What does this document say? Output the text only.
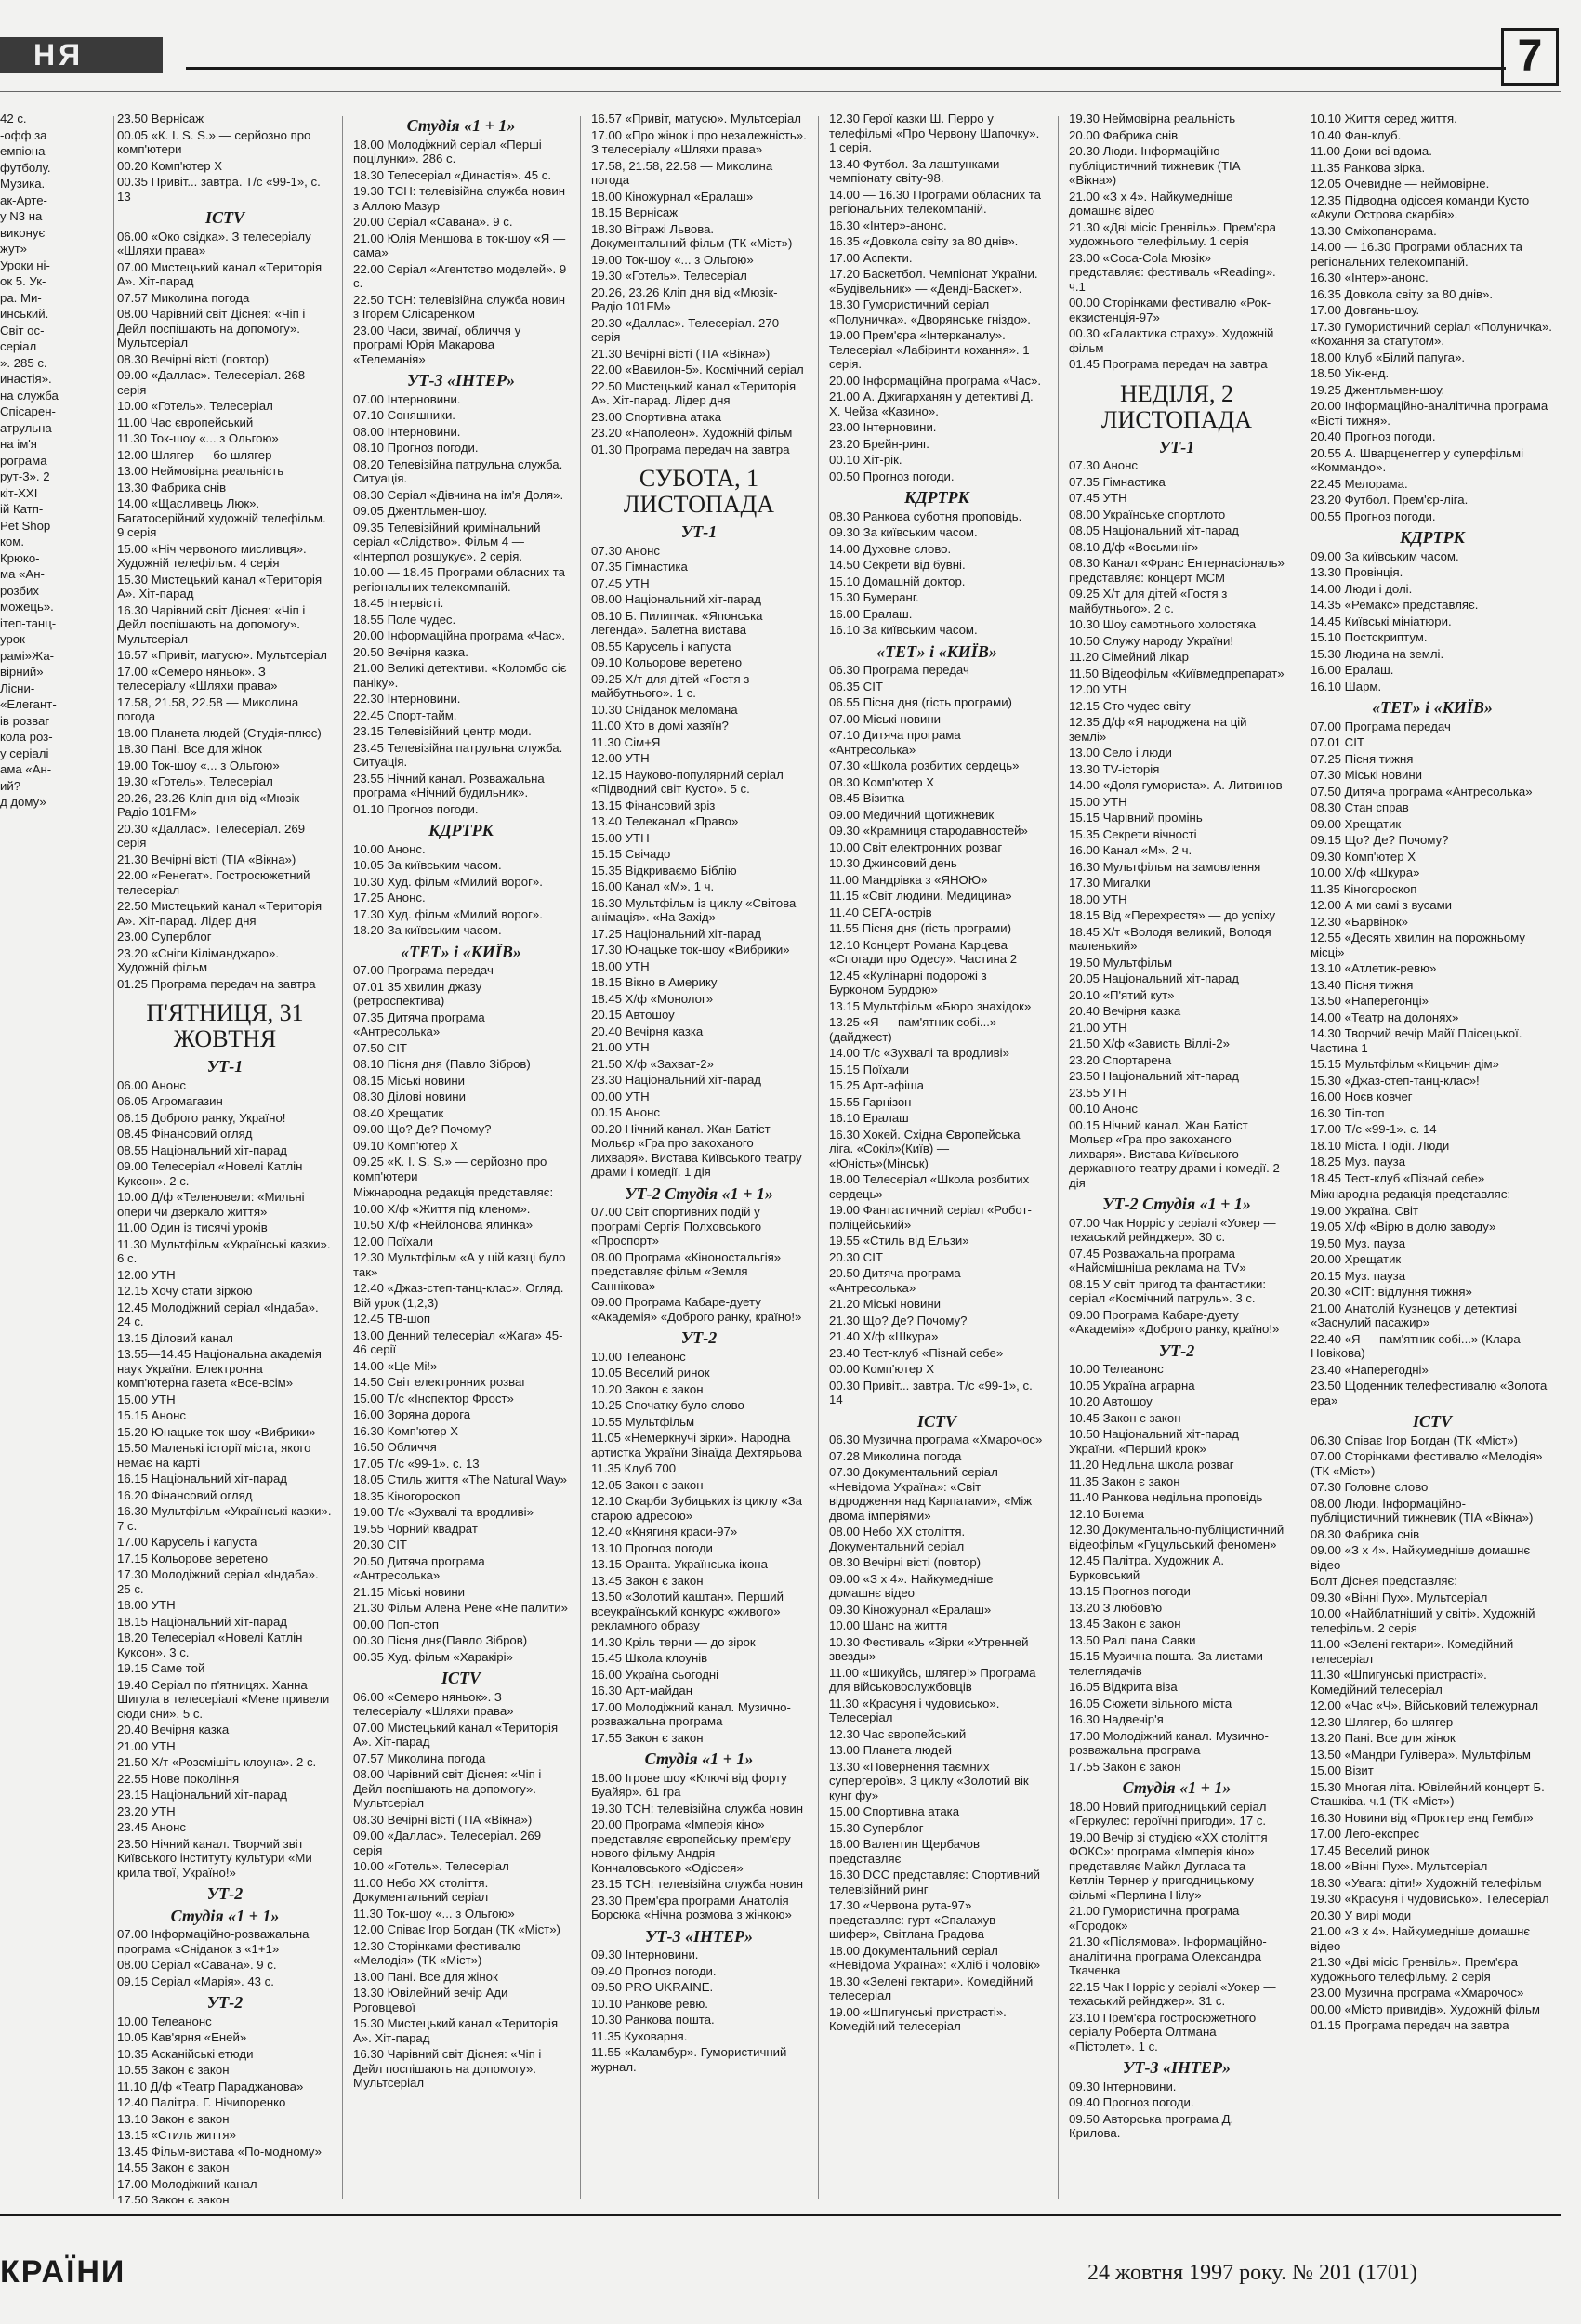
НЯ	7

42 с.

-офф за

емпіона-

футболу.

Музика.

ак-Арте-

y N3 на

виконує

жут»

Уроки ні-

ок 5. Ук-

ра. Ми-

инський.

Світ ос-

серіал

». 285 с.

инастія».

на служба

Спісарен-

атрульна

на ім'я

рограма

рут-3». 2

кіт-XXI

ій Катп-

Pet Shop

ком.

Крюко-

ма «Ан-

розбих

можець».

ітеп-танц-

урок

рамі»Жа-

вірний»

Лісни-

«Елегант-

ів розваг

кола роз-

у серіалі

ама «Ан-

ий?

д дому»

23.50 Вернісаж

00.05 «К. І. S. S.» — серйозно про комп'ютери

00.20 Комп'ютер Х

00.35 Привіт... завтра. Т/с «99-1», с. 13

ICTV

06.00 «Око свідка». З телесеріалу «Шляхи права»

07.00 Мистецький канал «Територія А». Хіт-парад

07.57 Миколина погода

08.00 Чарівний світ Діснея: «Чіп і Дейл поспішають на допомогу». Мультсеріал

08.30 Вечірні вісті (повтор)

09.00 «Даллас». Телесеріал. 268 серія

10.00 «Готель». Телесеріал

11.00 Час європейський

11.30 Ток-шоу «... з Ольгою»

12.00 Шлягер — бо шлягер

13.00 Неймовірна реальність

13.30 Фабрика снів

14.00 «Щасливець Люк». Багатосерійний художній телефільм. 9 серія

15.00 «Ніч червоного мисливця». Художній телефільм. 4 серія

15.30 Мистецький канал «Територія А». Хіт-парад

16.30 Чарівний світ Діснея: «Чіп і Дейл поспішають на допомогу». Мультсеріал

16.57 «Привіт, матусю». Мультсеріал

17.00 «Семеро няньок». З телесеріалу «Шляхи права»

17.58, 21.58, 22.58 — Миколина погода

18.00 Планета людей (Студія-плюс)

18.30 Пані. Все для жінок

19.00 Ток-шоу «... з Ольгою»

19.30 «Готель». Телесеріал

20.26, 23.26 Кліп дня від «Мюзік-Радіо 101FM»

20.30 «Даллас». Телесеріал. 269 серія

21.30 Вечірні вісті (ТІА «Вікна»)

22.00 «Ренегат». Гостросюжетний телесеріал

22.50 Мистецький канал «Територія А». Хіт-парад. Лідер дня

23.00 Суперблог

23.20 «Сніги Кіліманджаро». Художній фільм

01.25 Програма передач на завтра

П'ЯТНИЦЯ, 31 ЖОВТНЯ
УТ-1

06.00 Анонс

06.05 Агромагазин

06.15 Доброго ранку, Україно!

08.45 Фінансовий огляд

08.55 Національний хіт-парад

09.00 Телесеріал «Новелі Катлін Куксон». 2 с.

10.00 Д/ф «Теленовели: «Мильні опери чи дзеркало життя»

11.00 Один із тисячі уроків

11.30 Мультфільм «Українські казки». 6 с.

12.00 УТН

12.15 Хочу стати зіркою

12.45 Молодіжний серіал «Індаба». 24 с.

13.15 Діловий канал

13.55—14.45 Національна академія наук України. Електронна комп'ютерна газета «Все-всім»

15.00 УТН

15.15 Анонс

15.20 Юнацьке ток-шоу «Вибрики»

15.50 Маленькі історії міста, якого немає на карті

16.15 Національний хіт-парад

16.20 Фінансовий огляд

16.30 Мультфільм «Українські казки». 7 с.

17.00 Карусель і капуста

17.15 Кольорове веретено

17.30 Молодіжний серіал «Індаба». 25 с.

18.00 УТН

18.15 Національний хіт-парад

18.20 Телесеріал «Новелі Катлін Куксон». 3 с.

19.15 Саме той

19.40 Серіал по п'ятницях. Ханна Шигула в телесеріалі «Мене привели сюди сни». 5 с.

20.40 Вечірня казка

21.00 УТН

21.50 Х/т «Розсмішіть клоуна». 2 с.

22.55 Нове покоління

23.15 Національний хіт-парад

23.20 УТН

23.45 Анонс

23.50 Нічний канал. Творчий звіт Київського інституту культури «Ми крила твої, Україно!»

УТ-2
Студія «1 + 1»

07.00 Інформаційно-розважальна програма «Сніданок з «1+1»

08.00 Серіал «Савана». 9 с.

09.15 Серіал «Марія». 43 с.

УТ-2

10.00 Телеанонс

10.05 Кав'ярня «Еней»

10.35 Асканійські етюди

10.55 Закон є закон

11.10 Д/ф «Театр Параджанова»

12.40 Палітра. Г. Нічипоренко

13.10 Закон є закон

13.15 «Стиль життя»

13.45 Фільм-вистава «По-модному»

14.55 Закон є закон

17.00 Молодіжний канал

17.50 Закон є закон

Студія «1 + 1»

18.00 Молодіжний серіал «Перші поцілунки». 286 с.

18.30 Телесеріал «Династія». 45 с.

19.30 ТСН: телевізійна служба новин з Аллою Мазур

20.00 Серіал «Савана». 9 с.

21.00 Юлія Меншова в ток-шоу «Я — сама»

22.00 Серіал «Агентство моделей». 9 с.

22.50 ТСН: телевізійна служба новин з Ігорем Слісаренком

23.00 Часи, звичаї, обличчя у програмі Юрія Макарова «Телеманія»

УТ-3 «ІНТЕР»

07.00 Інтерновини.

07.10 Соняшники.

08.00 Інтерновини.

08.10 Прогноз погоди.

08.20 Телевізійна патрульна служба. Ситуація.

08.30 Серіал «Дівчина на ім'я Доля».

09.05 Джентльмен-шоу.

09.35 Телевізійний кримінальний серіал «Слідство». Фільм 4 — «Інтерпол розшукує». 2 серія.

10.00 — 18.45 Програми обласних та регіональних телекомпаній.

18.45 Інтервісті.

18.55 Поле чудес.

20.00 Інформаційна програма «Час».

20.50 Вечірня казка.

21.00 Великі детективи. «Коломбо сіє паніку».

22.30 Інтерновини.

22.45 Спорт-тайм.

23.15 Телевізійний центр моди.

23.45 Телевізійна патрульна служба. Ситуація.

23.55 Нічний канал. Розважальна програма «Нічний будильник».

01.10 Прогноз погоди.

КДРТРК

10.00 Анонс.

10.05 За київським часом.

10.30 Худ. фільм «Милий ворог».

17.25 Анонс.

17.30 Худ. фільм «Милий ворог».

18.20 За київським часом.

«ТЕТ» і «КИЇВ»

07.00 Програма передач

07.01 35 хвилин джазу (ретроспектива)

07.35 Дитяча програма «Антресолька»

07.50 СІТ

08.10 Пісня дня (Павло Зібров)

08.15 Міські новини

08.30 Ділові новини

08.40 Хрещатик

09.00 Що? Де? Почому?

09.10 Комп'ютер Х

09.25 «К. І. S. S.» — серйозно про комп'ютери

Міжнародна редакція представляє:

10.00 Х/ф «Життя під кленом».

10.50 Х/ф «Нейлонова ялинка»

12.00 Поїхали

12.30 Мультфільм «А у цій казці було так»

12.40 «Джаз-степ-танц-клас». Огляд. Вій урок (1,2,3)

12.45 ТВ-шоп

13.00 Денний телесеріал «Жага» 45-46 серії

14.00 «Це-Мі!»

14.50 Світ електронних розваг

15.00 Т/с «Інспектор Фрост»

16.00 Зоряна дорога

16.30 Комп'ютер Х

16.50 Обличчя

17.05 Т/с «99-1». с. 13

18.05 Стиль життя «The Natural Way»

18.35 Кіногороскоп

19.00 Т/с «Зухвалі та вродливі»

19.55 Чорний квадрат

20.30 СІТ

20.50 Дитяча програма «Антресолька»

21.15 Міські новини

21.30 Фільм Алена Рене «Не палити»

00.00 Поп-стоп

00.30 Пісня дня(Павло Зібров)

00.35 Худ. фільм «Харакірі»

ICTV

06.00 «Семеро няньок». З телесеріалу «Шляхи права»

07.00 Мистецький канал «Територія А». Хіт-парад

07.57 Миколина погода

08.00 Чарівний світ Діснея: «Чіп і Дейл поспішають на допомогу». Мультсеріал

08.30 Вечірні вісті (ТІА «Вікна»)

09.00 «Даллас». Телесеріал. 269 серія

10.00 «Готель». Телесеріал

11.00 Небо XX століття. Документальний серіал

11.30 Ток-шоу «... з Ольгою»

12.00 Співає Ігор Богдан (ТК «Міст»)

12.30 Сторінками фестивалю «Мелодія» (ТК «Міст»)

13.00 Пані. Все для жінок

13.30 Ювілейний вечір Ади Роговцевої

15.30 Мистецький канал «Територія А». Хіт-парад

16.30 Чарівний світ Діснея: «Чіп і Дейл поспішають на допомогу». Мультсеріал

16.57 «Привіт, матусю». Мультсеріал

17.00 «Про жінок і про незалежність». З телесеріалу «Шляхи права»

17.58, 21.58, 22.58 — Миколина погода

18.00 Кіножурнал «Ералаш»

18.15 Вернісаж

18.30 Вітражі Львова. Документальний фільм (ТК «Міст»)

19.00 Ток-шоу «... з Ольгою»

19.30 «Готель». Телесеріал

20.26, 23.26 Кліп дня від «Мюзік-Радіо 101FM»

20.30 «Даллас». Телесеріал. 270 серія

21.30 Вечірні вісті (ТІА «Вікна»)

22.00 «Вавилон-5». Космічний серіал

22.50 Мистецький канал «Територія А». Хіт-парад. Лідер дня

23.00 Спортивна атака

23.20 «Наполеон». Художній фільм

01.30 Програма передач на завтра

СУБОТА, 1 ЛИСТОПАДА
УТ-1

07.30 Анонс

07.35 Гімнастика

07.45 УТН

08.00 Національний хіт-парад

08.10 Б. Пилипчак. «Японська легенда». Балетна вистава

08.55 Карусель і капуста

09.10 Кольорове веретено

09.25 Х/т для дітей «Гостя з майбутнього». 1 с.

10.30 Сніданок меломана

11.00 Хто в домі хазяїн?

11.30 Сім+Я

12.00 УТН

12.15 Науково-популярний серіал «Підводний світ Кусто». 5 с.

13.15 Фінансовий зріз

13.40 Телеканал «Право»

15.00 УТН

15.15 Свічадо

15.35 Відкриваємо Біблію

16.00 Канал «М». 1 ч.

16.30 Мультфільм із циклу «Світова анімація». «На Захід»

17.25 Національний хіт-парад

17.30 Юнацьке ток-шоу «Вибрики»

18.00 УТН

18.15 Вікно в Америку

18.45 Х/ф «Монолог»

20.15 Автошоу

20.40 Вечірня казка

21.00 УТН

21.50 Х/ф «Захват-2»

23.30 Національний хіт-парад

00.00 УТН

00.15 Анонс

00.20 Нічний канал. Жан Батіст Мольєр «Гра про закоханого лихваря». Вистава Київського театру драми і комедії. 1 дія

УТ-2 Студія «1 + 1»

07.00 Світ спортивних подій у програмі Сергія Полховського «Проспорт»

08.00 Програма «Кіноностальгія» представляє фільм «Земля Саннікова»

09.00 Програма Кабаре-дуету «Академія» «Доброго ранку, країно!»

УТ-2

10.00 Телеанонс

10.05 Веселий ринок

10.20 Закон є закон

10.25 Спочатку було слово

10.55 Мультфільм

11.05 «Немеркнучі зірки». Народна артистка України Зінаїда Дехтярьова

11.35 Клуб 700

12.05 Закон є закон

12.10 Скарби Зубицьких із циклу «За старою адресою»

12.40 «Княгиня краси-97»

13.10 Прогноз погоди

13.15 Оранта. Українська ікона

13.45 Закон є закон

13.50 «Золотий каштан». Перший всеукраїнський конкурс «живого» рекламного образу

14.30 Кріль терни — до зірок

15.45 Школа клоунів

16.00 Україна сьогодні

16.30 Арт-майдан

17.00 Молодіжний канал. Музично-розважальна програма

17.55 Закон є закон

Студія «1 + 1»

18.00 Ігрове шоу «Ключі від форту Буайяр». 61 гра

19.30 ТСН: телевізійна служба новин

20.00 Програма «Імперія кіно» представляє європейську прем'єру нового фільму Андрія Кончаловського «Одіссея»

23.15 ТСН: телевізійна служба новин

23.30 Прем'єра програми Анатолія Борсюка «Нічна розмова з жінкою»

УТ-3 «ІНТЕР»

09.30 Інтерновини.

09.40 Прогноз погоди.

09.50 PRO UKRAINE.

10.10 Ранкове ревю.

10.30 Ранкова пошта.

11.35 Куховарня.

11.55 «Каламбур». Гумористичний журнал.

12.30 Герої казки Ш. Перро у телефільмі «Про Червону Шапочку». 1 серія.

13.40 Футбол. За лаштунками чемпіонату світу-98.

14.00 — 16.30 Програми обласних та регіональних телекомпаній.

16.30 «Інтер»-анонс.

16.35 «Довкола світу за 80 днів».

17.00 Аспекти.

17.20 Баскетбол. Чемпіонат України. «Будівельник» — «Денді-Баскет».

18.30 Гумористичний серіал «Полуничка». «Дворянське гніздо».

19.00 Прем'єра «Інтерканалу». Телесеріал «Лабіринти кохання». 1 серія.

20.00 Інформаційна програма «Час».

21.00 А. Джигарханян у детективі Д. Х. Чейза «Казино».

23.00 Інтерновини.

23.20 Брейн-ринг.

00.10 Хіт-рік.

00.50 Прогноз погоди.

КДРТРК

08.30 Ранкова суботня проповідь.

09.30 За київським часом.

14.00 Духовне слово.

14.50 Секрети від бувні.

15.10 Домашній доктор.

15.30 Бумеранг.

16.00 Ералаш.

16.10 За київським часом.

«ТЕТ» і «КИЇВ»

06.30 Програма передач

06.35 СІТ

06.55 Пісня дня (гість програми)

07.00 Міські новини

07.10 Дитяча програма «Антресолька»

07.30 «Школа розбитих сердець»

08.30 Комп'ютер Х

08.45 Візитка

09.00 Медичний щотижневик

09.30 «Крамниця стародавностей»

10.00 Світ електронних розваг

10.30 Джинсовий день

11.00 Мандрівка з «ЯНОЮ»

11.15 «Світ людини. Медицина»

11.40 СЕГА-острів

11.55 Пісня дня (гість програми)

12.10 Концерт Романа Карцева «Спогади про Одесу». Частина 2

12.45 «Кулінарні подорожі з Бурконом Бурдою»

13.15 Мультфільм «Бюро знахідок»

13.25 «Я — пам'ятник собі...» (дайджест)

14.00 Т/с «Зухвалі та вродливі»

15.15 Поїхали

15.25 Арт-афіша

15.55 Гарнізон

16.10 Ералаш

16.30 Хокей. Східна Європейська ліга. «Сокіл»(Київ) — «Юність»(Мінськ)

18.00 Телесеріал «Школа розбитих сердець»

19.00 Фантастичний серіал «Робот-поліцейський»

19.55 «Стиль від Ельзи»

20.30 СІТ

20.50 Дитяча програма «Антресолька»

21.20 Міські новини

21.30 Що? Де? Почому?

21.40 Х/ф «Шкура»

23.40 Тест-клуб «Пізнай себе»

00.00 Комп'ютер Х

00.30 Привіт... завтра. Т/с «99-1», с. 14

ICTV

06.30 Музична програма «Хмарочос»

07.28 Миколина погода

07.30 Документальний серіал «Невідома Україна»: «Світ відродження над Карпатами», «Між двома імперіями»

08.00 Небо XX століття. Документальний серіал

08.30 Вечірні вісті (повтор)

09.00 «З х 4». Найкумедніше домашнє відео

09.30 Кіножурнал «Ералаш»

10.00 Шанс на життя

10.30 Фестиваль «Зірки «Утренней звезды»

11.00 «Шикуйсь, шлягер!» Програма для військовослужбовців

11.30 «Красуня і чудовисько». Телесеріал

12.30 Час європейський

13.00 Планета людей

13.30 «Повернення таємних супергероїв». З циклу «Золотий вік кунг фу»

15.00 Спортивна атака

15.30 Суперблог

16.00 Валентин Щербачов представляє

16.30 DCC представляє: Спортивний телевізійний ринг

17.30 «Червона рута-97» представляє: гурт «Спалахув шифер», Світлана Градова

18.00 Документальний серіал «Невідома Україна»: «Хліб і чоловік»

18.30 «Зелені гектари». Комедійний телесеріал

19.00 «Шпигунські пристрасті». Комедійний телесеріал

19.30 Неймовірна реальність

20.00 Фабрика снів

20.30 Люди. Інформаційно-публіцистичний тижневик (ТІА «Вікна»)

21.00 «З х 4». Найкумедніше домашнє відео

21.30 «Дві місіс Гренвіль». Прем'єра художнього телефільму. 1 серія

23.00 «Соса-Cola Мюзік» представляє: фестиваль «Reading». ч.1

00.00 Сторінками фестивалю «Рок-екзистенція-97»

00.30 «Галактика страху». Художній фільм

01.45 Програма передач на завтра

НЕДІЛЯ, 2 ЛИСТОПАДА
УТ-1

07.30 Анонс

07.35 Гімнастика

07.45 УТН

08.00 Українське спортлото

08.05 Національний хіт-парад

08.10 Д/ф «Восьминіг»

08.30 Канал «Франс Ентернасіональ» представляє: концерт МСМ

09.25 Х/т для дітей «Гостя з майбутнього». 2 с.

10.30 Шоу самотнього холостяка

10.50 Служу народу України!

11.20 Сімейний лікар

11.50 Відеофільм «Київмедпрепарат»

12.00 УТН

12.15 Сто чудес світу

12.35 Д/ф «Я народжена на цій землі»

13.00 Село і люди

13.30 ТV-історія

14.00 «Доля гумориста». А. Литвинов

15.00 УТН

15.15 Чарівний промінь

15.35 Секрети вічності

16.00 Канал «М». 2 ч.

16.30 Мультфільм на замовлення

17.30 Мигалки

18.00 УТН

18.15 Від «Перехрестя» — до успіху

18.45 Х/т «Володя великий, Володя маленький»

19.50 Мультфільм

20.05 Національний хіт-парад

20.10 «П'ятий кут»

20.40 Вечірня казка

21.00 УТН

21.50 Х/ф «Зависть Віллі-2»

23.20 Спортарена

23.50 Національний хіт-парад

23.55 УТН

00.10 Анонс

00.15 Нічний канал. Жан Батіст Мольєр «Гра про закоханого лихваря». Вистава Київського державного театру драми і комедії. 2 дія

УТ-2 Студія «1 + 1»

07.00 Чак Норріс у серіалі «Уокер — техаський рейнджер». 30 с.

07.45 Розважальна програма «Найсмішніша реклама на TV»

08.15 У світ пригод та фантастики: серіал «Космічний патруль». 3 с.

09.00 Програма Кабаре-дуету «Академія» «Доброго ранку, країно!»

УТ-2

10.00 Телеанонс

10.05 Україна аграрна

10.20 Автошоу

10.45 Закон є закон

10.50 Національний хіт-парад України. «Перший крок»

11.20 Недільна школа розваг

11.35 Закон є закон

11.40 Ранкова недільна проповідь

12.10 Богема

12.30 Документально-публіцистичний відеофільм «Гуцульський феномен»

12.45 Палітра. Художник А. Бурковський

13.15 Прогноз погоди

13.20 З любов'ю

13.45 Закон є закон

13.50 Ралі пана Савки

15.15 Музична пошта. За листами телеглядачів

16.05 Відкрита віза

16.05 Сюжети вільного міста

16.30 Надвечір'я

17.00 Молодіжний канал. Музично-розважальна програма

17.55 Закон є закон

Студія «1 + 1»

18.00 Новий пригодницький серіал «Геркулес: героїчні пригоди». 17 с.

19.00 Вечір зі студією «XX століття ФОКС»: програма «Імперія кіно» представляє Майкл Дугласа та Кетлін Тернер у пригодницькому фільмі «Перлина Нілу»

21.00 Гумористична програма «Городок»

21.30 «Післямова». Інформаційно-аналітична програма Олександра Ткаченка

22.15 Чак Норріс у серіалі «Уокер — техаський рейнджер». 31 с.

23.10 Прем'єра гостросюжетного серіалу Роберта Олтмана «Пістолет». 1 с.

УТ-3 «ІНТЕР»

09.30 Інтерновини.

09.40 Прогноз погоди.

09.50 Авторська програма Д. Крилова.

10.10 Життя серед життя.

10.40 Фан-клуб.

11.00 Доки всі вдома.

11.35 Ранкова зірка.

12.05 Очевидне — неймовірне.

12.35 Підводна одіссея команди Кусто «Акули Острова скарбів».

13.30 Сміхопанорама.

14.00 — 16.30 Програми обласних та регіональних телекомпаній.

16.30 «Інтер»-анонс.

16.35 Довкола світу за 80 днів».

17.00 Довгань-шоу.

17.30 Гумористичний серіал «Полуничка». «Кохання за статутом».

18.00 Клуб «Білий папуга».

18.50 Уік-енд.

19.25 Джентльмен-шоу.

20.00 Інформаційно-аналітична програма «Вісті тижня».

20.40 Прогноз погоди.

20.55 А. Шварценеггер у суперфільмі «Коммандо».

22.45 Мелорама.

23.20 Футбол. Прем'єр-ліга.

00.55 Прогноз погоди.

КДРТРК

09.00 За київським часом.

13.30 Провінція.

14.00 Люди і долі.

14.35 «Ремакс» представляє.

14.45 Київські мініатюри.

15.10 Постскриптум.

15.30 Людина на землі.

16.00 Ералаш.

16.10 Шарм.

«ТЕТ» і «КИЇВ»

07.00 Програма передач

07.01 СІТ

07.25 Пісня тижня

07.30 Міські новини

07.50 Дитяча програма «Антресолька»

08.30 Стан справ

09.00 Хрещатик

09.15 Що? Де? Почому?

09.30 Комп'ютер Х

10.00 Х/ф «Шкура»

11.35 Кіногороскоп

12.00 А ми самі з вусами

12.30 «Барвінок»

12.55 «Десять хвилин на порожньому місці»

13.10 «Атлетик-ревю»

13.40 Пісня тижня

13.50 «Наперегонці»

14.00 «Театр на долонях»

14.30 Творчий вечір Майї Плісецької. Частина 1

15.15 Мультфільм «Кицьчин дім»

15.30 «Джаз-степ-танц-клас»!

16.00 Ноєв ковчег

16.30 Тіп-топ

17.00 Т/с «99-1». с. 14

18.10 Міста. Події. Люди

18.25 Муз. пауза

18.45 Тест-клуб «Пізнай себе»

Міжнародна редакція представляє:

19.00 Україна. Світ

19.05 Х/ф «Вірю в долю заводу»

19.50 Муз. пауза

20.00 Хрещатик

20.15 Муз. пауза

20.30 «СІТ: відлуння тижня»

21.00 Анатолій Кузнецов у детективі «Заснулий пасажир»

22.40 «Я — пам'ятник собі...» (Клара Новікова)

23.40 «Наперегодні»

23.50 Щоденник телефестивалю «Золота ера»

ICTV

06.30 Співає Ігор Богдан (ТК «Міст»)

07.00 Сторінками фестивалю «Мелодія» (ТК «Міст»)

07.30 Головне слово

08.00 Люди. Інформаційно-публіцистичний тижневик (ТІА «Вікна»)

08.30 Фабрика снів

09.00 «З х 4». Найкумедніше домашнє відео

Болт Діснея представляє:

09.30 «Вінні Пух». Мультсеріал

10.00 «Найблатніший у світі». Художній телефільм. 2 серія

11.00 «Зелені гектари». Комедійний телесеріал

11.30 «Шпигунські пристрасті». Комедійний телесеріал

12.00 «Час «Ч». Військовий тележурнал

12.30 Шлягер, бо шлягер

13.20 Пані. Все для жінок

13.50 «Мандри Гулівера». Мультфільм

15.00 Візит

15.30 Многая літа. Ювілейний концерт Б. Сташківа. ч.1 (ТК «Міст»)

16.30 Новини від «Проктер енд Гембл»

17.00 Лего-експрес

17.45 Веселий ринок

18.00 «Вінні Пух». Мультсеріал

18.30 «Увага: діти!» Художній телефільм

19.30 «Красуня і чудовисько». Телесеріал

20.30 У вирі моди

21.00 «З х 4». Найкумедніше домашнє відео

21.30 «Дві місіс Гренвіль». Прем'єра художнього телефільму. 2 серія

23.00 Музична програма «Хмарочос»

00.00 «Місто привидів». Художній фільм

01.15 Програма передач на завтра

КРАЇНИ	24 жовтня 1997 року. № 201 (1701)
